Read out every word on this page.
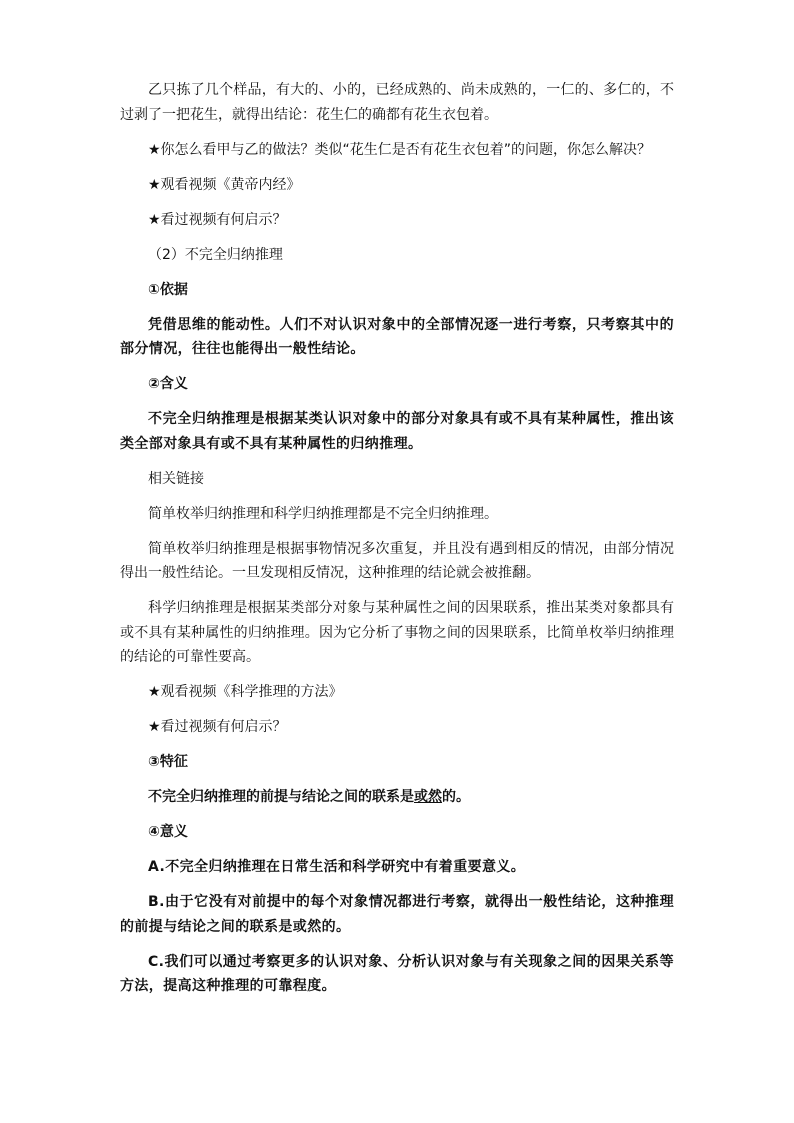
乙只拣了几个样品，有大的、小的，已经成熟的、尚未成熟的，一仁的、多仁的，不过剥了一把花生，就得出结论：花生仁的确都有花生衣包着。

★你怎么看甲与乙的做法？类似“花生仁是否有花生衣包着”的问题，你怎么解决？

★观看视频《黄帝内经》

★看过视频有何启示？

（2）不完全归纳推理

①依据

凭借思维的能动性。人们不对认识对象中的全部情况逐一进行考察，只考察其中的部分情况，往往也能得出一般性结论。

②含义

不完全归纳推理是根据某类认识对象中的部分对象具有或不具有某种属性，推出该类全部对象具有或不具有某种属性的归纳推理。

相关链接

简单枚举归纳推理和科学归纳推理都是不完全归纳推理。

简单枚举归纳推理是根据事物情况多次重复，并且没有遇到相反的情况，由部分情况得出一般性结论。一旦发现相反情况，这种推理的结论就会被推翻。

科学归纳推理是根据某类部分对象与某种属性之间的因果联系，推出某类对象都具有或不具有某种属性的归纳推理。因为它分析了事物之间的因果联系，比简单枚举归纳推理的结论的可靠性要高。

★观看视频《科学推理的方法》

★看过视频有何启示？

③特征

不完全归纳推理的前提与结论之间的联系是或然的。

④意义

A.不完全归纳推理在日常生活和科学研究中有着重要意义。

B.由于它没有对前提中的每个对象情况都进行考察，就得出一般性结论，这种推理的前提与结论之间的联系是或然的。

C.我们可以通过考察更多的认识对象、分析认识对象与有关现象之间的因果关系等方法，提高这种推理的可靠程度。
